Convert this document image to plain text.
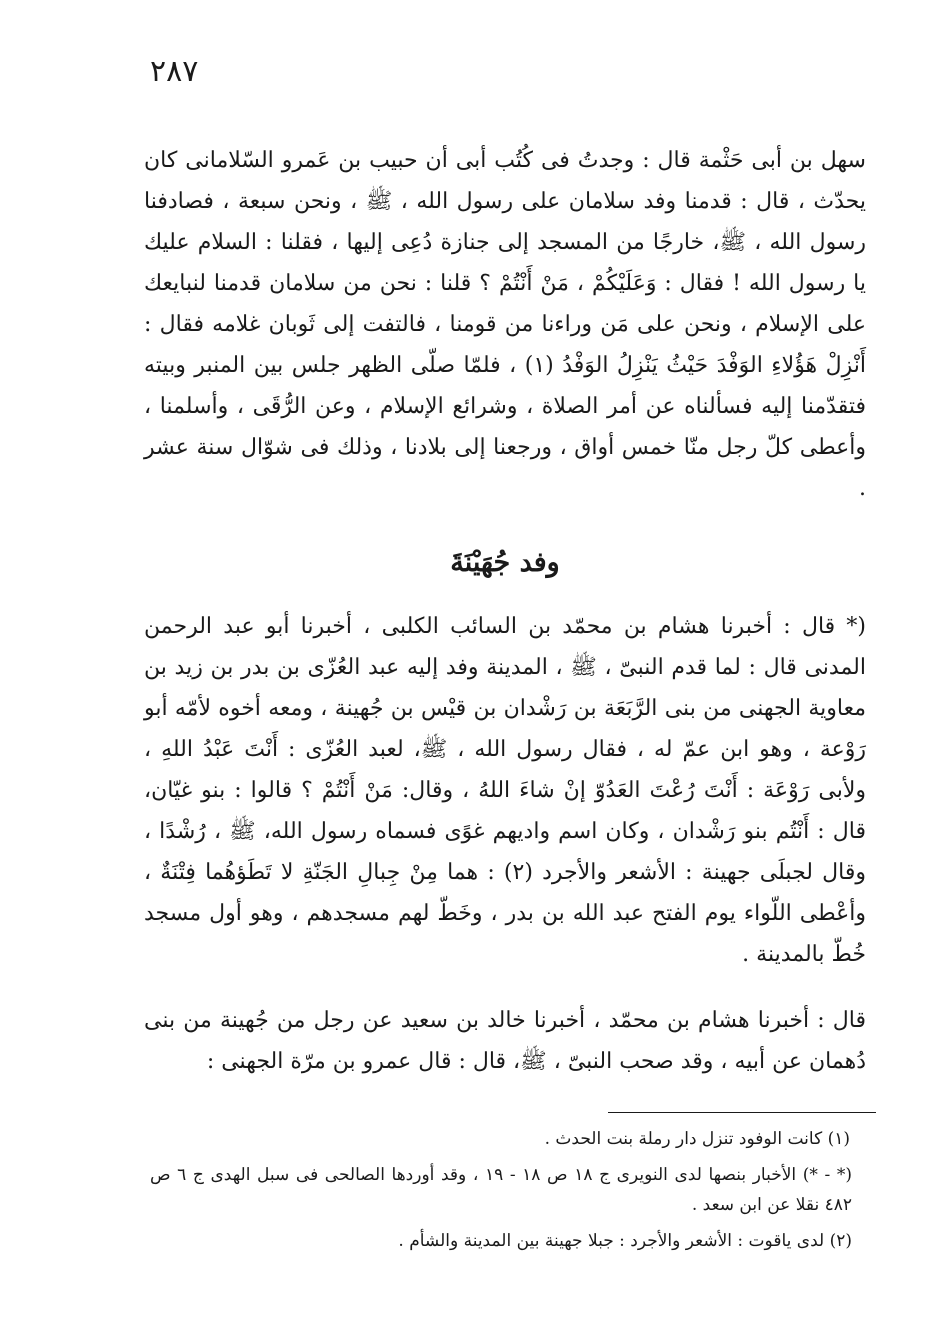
٢٨٧

سهل بن أبى حَثْمة قال : وجدتُ فى كُتُب أبى أن حبيب بن عَمرو السّلامانى كان يحدّث ، قال : قدمنا وفد سلامان على رسول الله ، ﷺ ، ونحن سبعة ، فصادفنا رسول الله ، ﷺ، خارجًا من المسجد إلى جنازة دُعِى إليها ، فقلنا : السلام عليك يا رسول الله ! فقال : وَعَلَيْكُمْ ، مَنْ أَنْتُمْ ؟ قلنا : نحن من سلامان قدمنا لنبايعك على الإسلام ، ونحن على مَن وراءنا من قومنا ، فالتفت إلى ثَوبان غلامه فقال : أَنْزِلْ هَؤُلاءِ الوَفْدَ حَيْثُ يَنْزِلُ الوَفْدُ (١) ، فلمّا صلّى الظهر جلس بين المنبر وبيته فتقدّمنا إليه فسألناه عن أمر الصلاة ، وشرائع الإسلام ، وعن الرُّقَى ، وأسلمنا ، وأعطى كلّ رجل منّا خمس أواق ، ورجعنا إلى بلادنا ، وذلك فى شوّال سنة عشر .

وفد جُهَيْنَةَ

(* قال : أخبرنا هشام بن محمّد بن السائب الكلبى ، أخبرنا أبو عبد الرحمن المدنى قال : لما قدم النبىّ ، ﷺ ، المدينة وفد إليه عبد العُزّى بن بدر بن زيد بن معاوية الجهنى من بنى الرَّبَعَة بن رَشْدان بن قيْس بن جُهينة ، ومعه أخوه لأمّه أبو رَوْعة ، وهو ابن عمّ له ، فقال رسول الله ، ﷺ، لعبد العُزّى : أَنْتَ عَبْدُ اللهِ ، ولأبى رَوْعَة : أَنْتَ رُعْتَ العَدُوّ إنْ شاءَ اللهُ ، وقال: مَنْ أَنْتُمْ ؟ قالوا : بنو غيّان، قال : أَنْتُم بنو رَشْدان ، وكان اسم واديهم غوًى فسماه رسول الله، ﷺ ، رُشْدًا ، وقال لجبلَى جهينة : الأشعر والأجرد (٢) : هما مِنْ جِبالِ الجَنّةِ لا تَطَؤهُما فِتْنَةٌ ، وأعْطى اللّواء يوم الفتح عبد الله بن بدر ، وخَطّ لهم مسجدهم ، وهو أول مسجد خُطّ بالمدينة .

قال : أخبرنا هشام بن محمّد ، أخبرنا خالد بن سعيد عن رجل من جُهينة من بنى دُهمان عن أبيه ، وقد صحب النبىّ ، ﷺ، قال : قال عمرو بن مرّة الجهنى :

(١) كانت الوفود تنزل دار رملة بنت الحدث .

(* - *) الأخبار بنصها لدى النويرى ج ١٨ ص ١٨ - ١٩ ، وقد أوردها الصالحى فى سبل الهدى ج ٦ ص ٤٨٢ نقلا عن ابن سعد .

(٢) لدى ياقوت : الأشعر والأجرد : جبلا جهينة بين المدينة والشأم .
